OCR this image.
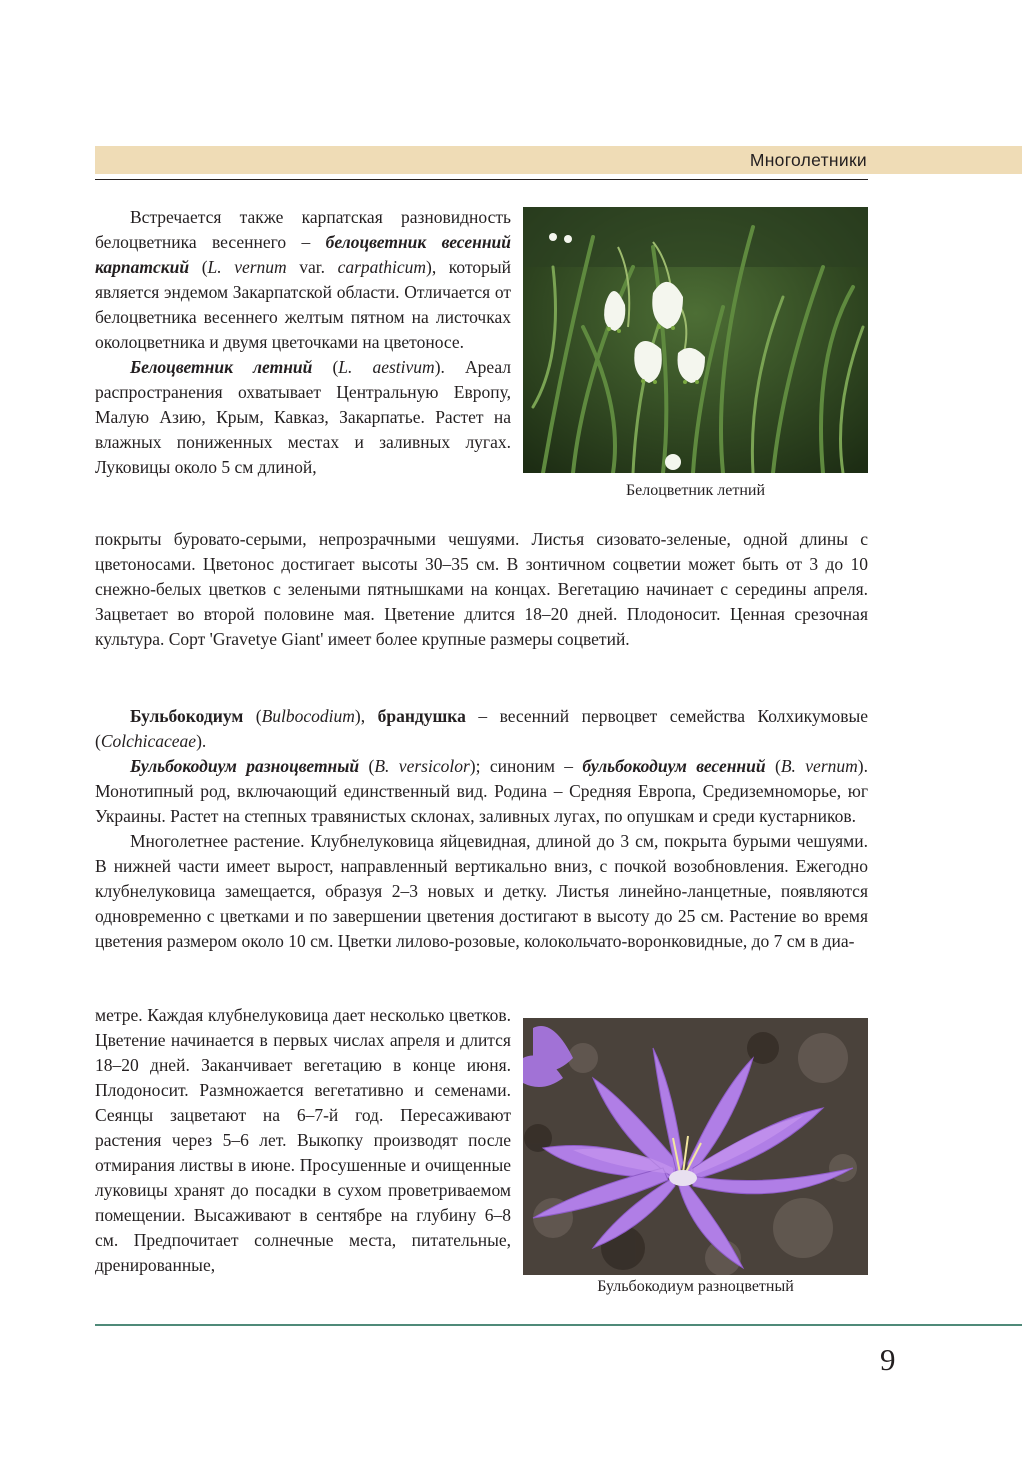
Многолетники

Встречается также карпатская разновидность белоцветника весеннего – белоцветник весенний карпатский (L. vernum var. carpathicum), который является эндемом Закарпатской области. Отличается от белоцветника весеннего желтым пятном на листочках околоцветника и двумя цветочками на цветоносе.

Белоцветник летний (L. aestivum). Ареал распространения охватывает Центральную Европу, Малую Азию, Крым, Кавказ, Закарпатье. Растет на влажных пониженных местах и заливных лугах. Луковицы около 5 см длиной,

Белоцветник летний

покрыты буровато-серыми, непрозрачными чешуями. Листья сизовато-зеленые, одной длины с цветоносами. Цветонос достигает высоты 30–35 см. В зонтичном соцветии может быть от 3 до 10 снежно-белых цветков с зелеными пятнышками на концах. Вегетацию начинает с середины апреля. Зацветает во второй половине мая. Цветение длится 18–20 дней. Плодоносит. Ценная срезочная культура. Сорт 'Gravetye Giant' имеет более крупные размеры соцветий.

Бульбокодиум (Bulbocodium), брандушка – весенний первоцвет семейства Колхикумовые (Colchicaceae).

Бульбокодиум разноцветный (B. versicolor); синоним – бульбокодиум весенний (B. vernum). Монотипный род, включающий единственный вид. Родина – Средняя Европа, Средиземноморье, юг Украины. Растет на степных травянистых склонах, заливных лугах, по опушкам и среди кустарников.

Многолетнее растение. Клубнелуковица яйцевидная, длиной до 3 см, покрыта бурыми чешуями. В нижней части имеет вырост, направленный вертикально вниз, с почкой возобновления. Ежегодно клубнелуковица замещается, образуя 2–3 новых и детку. Листья линейно-ланцетные, появляются одновременно с цветками и по завершении цветения достигают в высоту до 25 см. Растение во время цветения размером около 10 см. Цветки лилово-розовые, колокольчато-воронковидные, до 7 см в диа-

метре. Каждая клубнелуковица дает несколько цветков. Цветение начинается в первых числах апреля и длится 18–20 дней. Заканчивает вегетацию в конце июня. Плодоносит. Размножается вегетативно и семенами. Сеянцы зацветают на 6–7-й год. Пересаживают растения через 5–6 лет. Выкопку производят после отмирания листвы в июне. Просушенные и очищенные луковицы хранят до посадки в сухом проветриваемом помещении. Высаживают в сентябре на глубину 6–8 см. Предпочитает солнечные места, питательные, дренированные,

Бульбокодиум разноцветный
9
